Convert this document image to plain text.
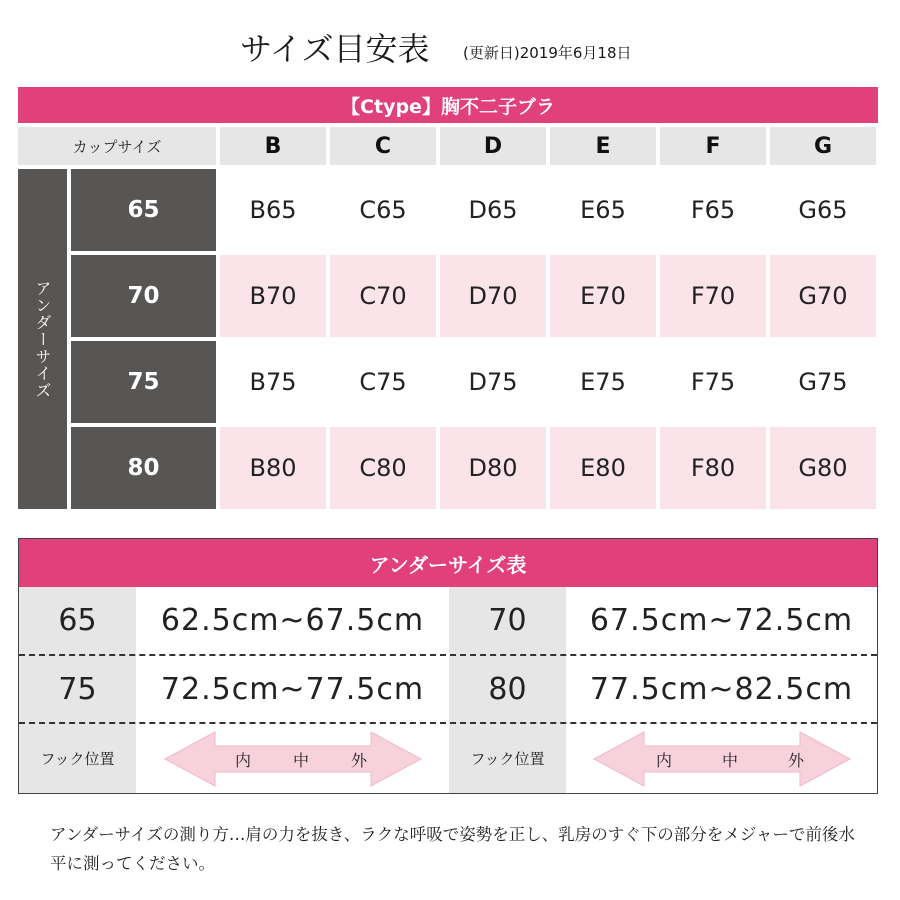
サイズ目安表 (更新日)2019年6月18日
【Ctype】胸不二子ブラ
カップサイズ	B	C	D	E	F	G
アンダーサイズ
65	B65	C65	D65	E65	F65	G65
70	B70	C70	D70	E70	F70	G70
75	B75	C75	D75	E75	F75	G75
80	B80	C80	D80	E80	F80	G80
アンダーサイズ表
65	62.5cm~67.5cm	70	67.5cm~72.5cm
75	72.5cm~77.5cm	80	77.5cm~82.5cm
フック位置	内	中	外	フック位置	内	中	外
アンダーサイズの測り方…肩の力を抜き、ラクな呼吸で姿勢を正し、乳房のすぐ下の部分をメジャーで前後水平に測ってください。
